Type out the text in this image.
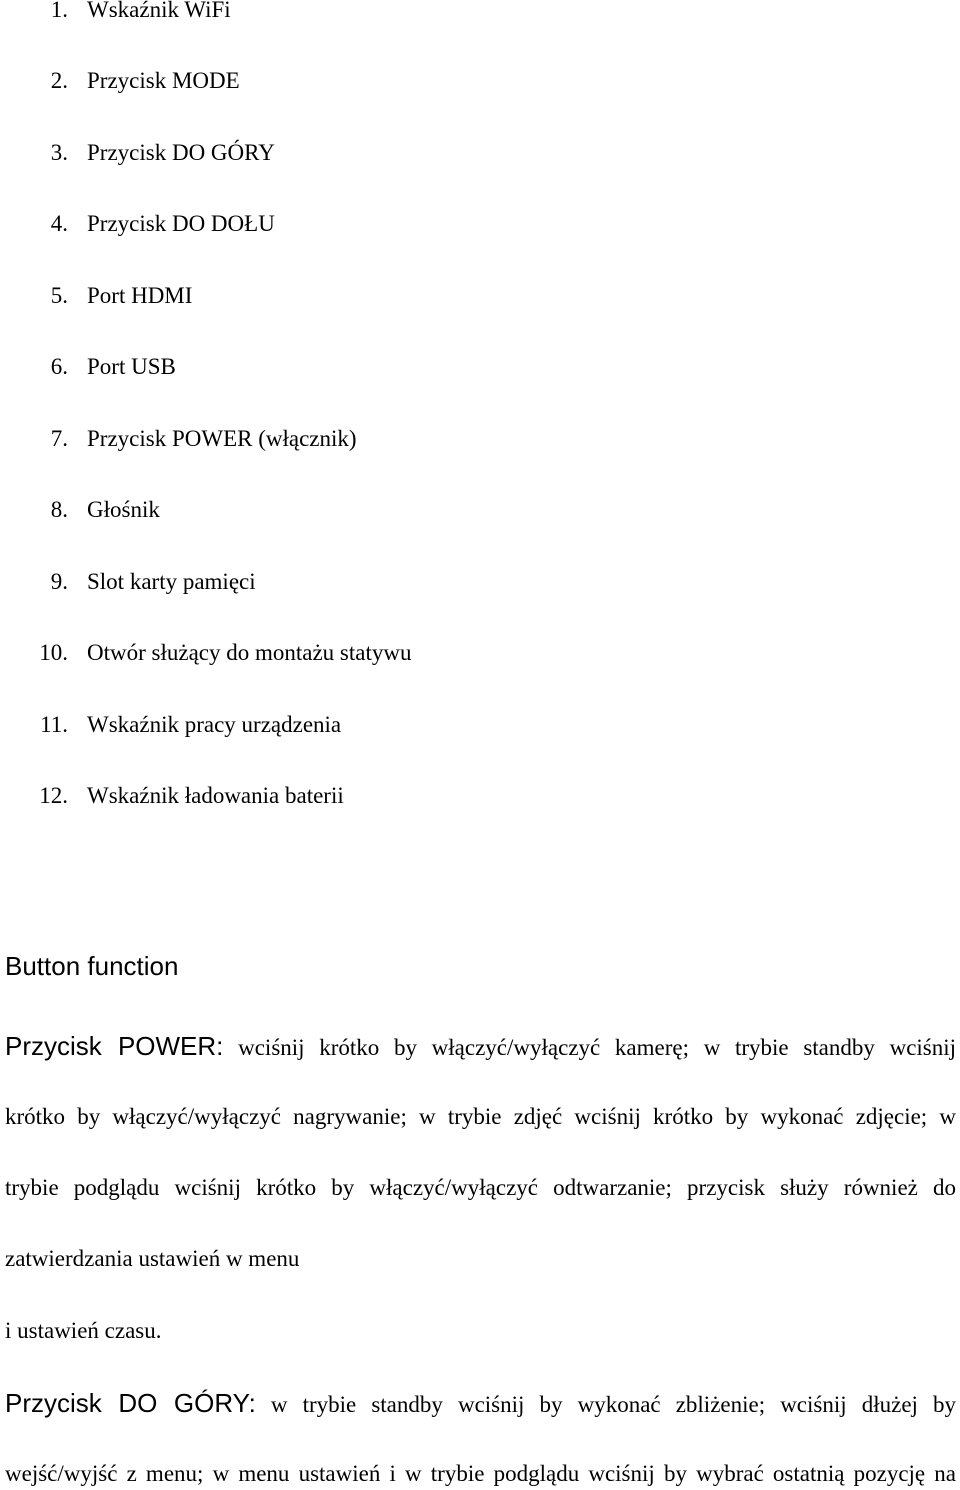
1. Wskaźnik WiFi
2. Przycisk MODE
3. Przycisk DO GÓRY
4. Przycisk DO DOŁU
5. Port HDMI
6. Port USB
7. Przycisk POWER (włącznik)
8. Głośnik
9. Slot karty pamięci
10. Otwór służący do montażu statywu
11. Wskaźnik pracy urządzenia
12. Wskaźnik ładowania baterii
Button function
Przycisk POWER: wciśnij krótko by włączyć/wyłączyć kamerę; w trybie standby wciśnij
krótko by włączyć/wyłączyć nagrywanie; w trybie zdjęć wciśnij krótko by wykonać zdjęcie; w
trybie podglądu wciśnij krótko by włączyć/wyłączyć odtwarzanie; przycisk służy również do
zatwierdzania ustawień w menu
i ustawień czasu.
Przycisk DO GÓRY: w trybie standby wciśnij by wykonać zbliżenie; wciśnij dłużej by
wejść/wyjść z menu; w menu ustawień i w trybie podglądu wciśnij by wybrać ostatnią pozycję na
